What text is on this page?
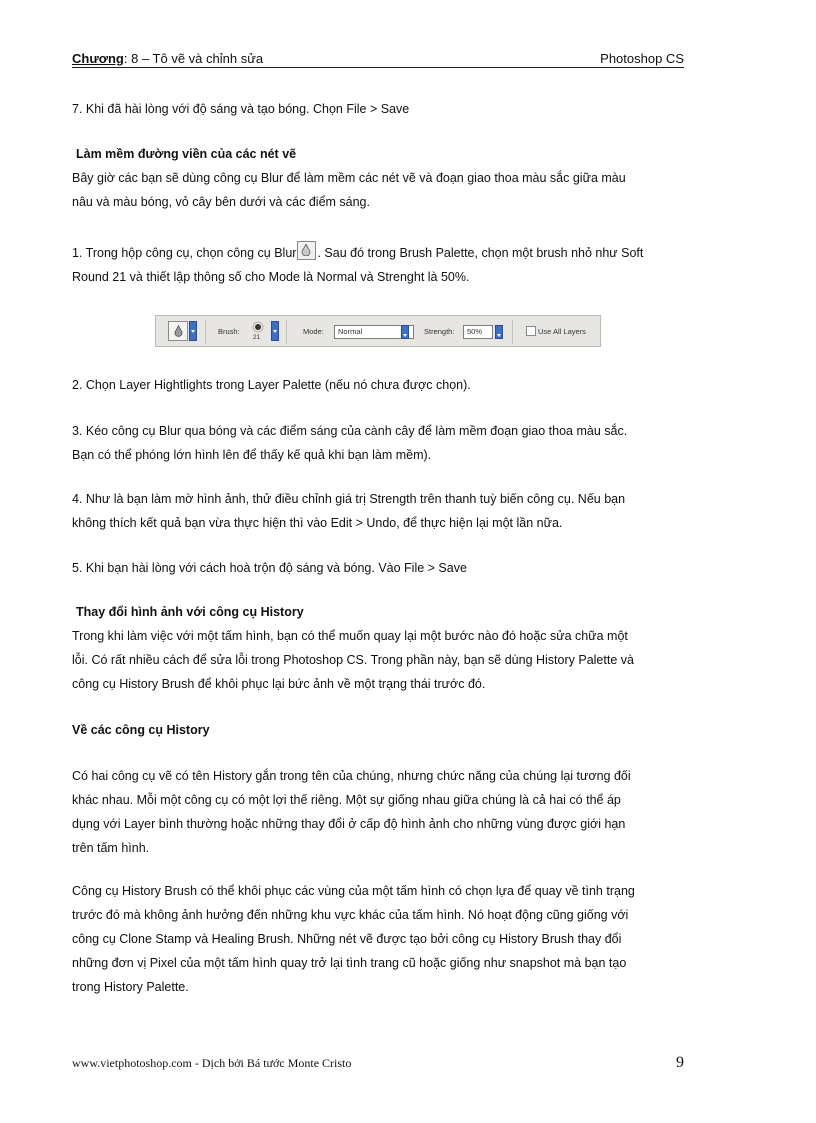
Chương: 8 – Tô vẽ và chỉnh sửa	Photoshop CS
7. Khi đã hài lòng với độ sáng và tạo bóng. Chọn File > Save
Làm mềm đường viền của các nét vẽ
Bây giờ các bạn sẽ dùng công cụ Blur để làm mềm các nét vẽ và đoạn giao thoa màu sắc giữa màu
nâu và màu bóng, vỏ cây bên dưới và các điểm sáng.
1. Trong hộp công cụ, chọn công cụ Blur . Sau đó trong Brush Palette, chọn một brush nhỏ như Soft
Round 21 và thiết lập thông số cho Mode là Normal và Strenght là 50%.
Brush:
21
Mode:	Normal	Strength:	50%	Use All Layers
2. Chọn Layer Hightlights trong Layer Palette (nếu nó chưa được chọn).
3. Kéo công cụ Blur qua bóng và các điểm sáng của cành cây để làm mềm đoạn giao thoa màu sắc.
Bạn có thể phóng lớn hình lên để thấy kế quả khi bạn làm mềm).
4. Như là bạn làm mờ hình ảnh, thử điều chỉnh giá trị Strength trên thanh tuỳ biến công cụ. Nếu bạn
không thích kết quả bạn vừa thực hiện thì vào Edit > Undo, để thực hiện lại một lần nữa.
5. Khi bạn hài lòng với cách hoà trộn độ sáng và bóng. Vào File > Save
Thay đổi hình ảnh với công cụ History
Trong khi làm việc với một tấm hình, bạn có thể muốn quay lại một bước nào đó hoặc sửa chữa một
lỗi. Có rất nhiều cách để sửa lỗi trong Photoshop CS. Trong phần này, bạn sẽ dùng History Palette và
công cụ History Brush để khôi phục lại bức ảnh về một trạng thái trước đó.
Về các công cụ History
Có hai công cụ vẽ có tên History gắn trong tên của chúng, nhưng chức năng của chúng lại tương đối
khác nhau. Mỗi một công cụ có một lợi thế riêng. Một sự giống nhau giữa chúng là cả hai có thể áp
dụng với Layer bình thường hoặc những thay đổi ở cấp độ hình ảnh cho những vùng được giới hạn
trên tấm hình.
Công cụ History Brush có thể khôi phục các vùng của một tấm hình có chọn lựa để quay về tình trạng
trước đó mà không ảnh hưởng đến những khu vực khác của tấm hình. Nó hoạt động cũng giống với
công cụ Clone Stamp và Healing Brush. Những nét vẽ được tạo bởi công cụ History Brush thay đổi
những đơn vị Pixel của một tấm hình quay trở lại tình trang cũ hoặc giống như snapshot mà bạn tạo
trong History Palette.
www.vietphotoshop.com - Dịch bởi Bá tước Monte Cristo	9
